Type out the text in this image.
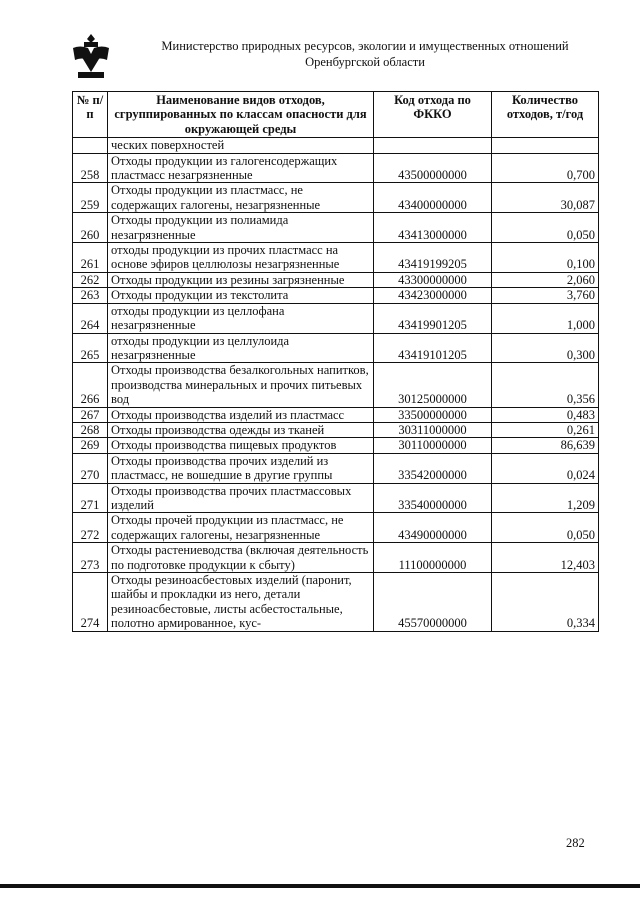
Министерство природных ресурсов, экологии и имущественных отношений
Оренбургской области
№ п/п	Наименование видов отходов, сгруппированных по классам опасности для окружающей среды	Код отхода по ФККО	Количество отходов, т/год
	ческих поверхностей		
258	Отходы продукции из галогенсодержащих пластмасс незагрязненные	43500000000	0,700
259	Отходы продукции из пластмасс, не содержащих галогены, незагрязненные	43400000000	30,087
260	Отходы продукции из полиамида незагрязненные	43413000000	0,050
261	отходы продукции из прочих пластмасс на основе эфиров целлюлозы незагрязненные	43419199205	0,100
262	Отходы продукции из резины загрязненные	43300000000	2,060
263	Отходы продукции из текстолита	43423000000	3,760
264	отходы продукции из целлофана незагрязненные	43419901205	1,000
265	отходы продукции из целлулоида незагрязненные	43419101205	0,300
266	Отходы производства безалкогольных напитков, производства минеральных и прочих питьевых вод	30125000000	0,356
267	Отходы производства изделий из пластмасс	33500000000	0,483
268	Отходы производства одежды из тканей	30311000000	0,261
269	Отходы производства пищевых продуктов	30110000000	86,639
270	Отходы производства прочих изделий из пластмасс, не вошедшие в другие группы	33542000000	0,024
271	Отходы производства прочих пластмассовых изделий	33540000000	1,209
272	Отходы прочей продукции из пластмасс, не содержащих галогены, незагрязненные	43490000000	0,050
273	Отходы растениеводства (включая деятельность по подготовке продукции к сбыту)	11100000000	12,403
274	Отходы резиноасбестовых изделий (паронит, шайбы и прокладки из него, детали резиноасбестовые, листы асбестостальные, полотно армированное, кус-	45570000000	0,334
282
